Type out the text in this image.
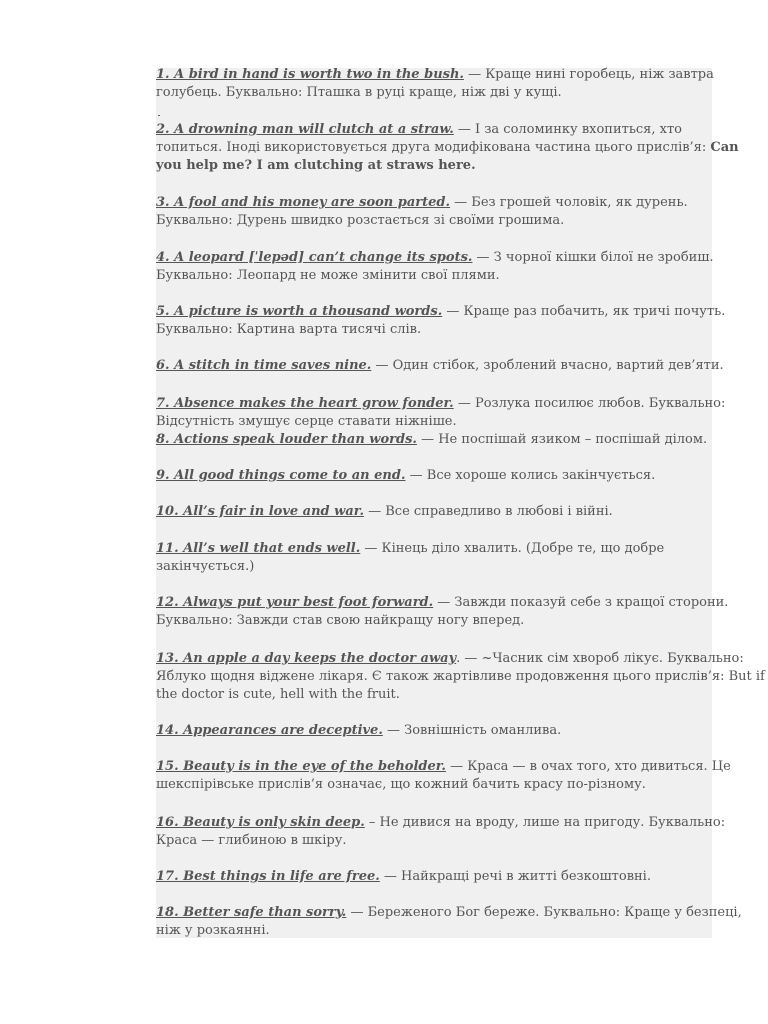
1. A bird in hand is worth two in the bush. — Краще нині горобець, ніж завтра
голубець. Буквально: Пташка в руці краще, ніж дві у кущі.
2. A drowning man will clutch at a straw. — І за соломинку вхопиться, хто
топиться. Іноді використовується друга модифікована частина цього прислів’я: Can
you help me? I am clutching at straws here.
3. A fool and his money are soon parted. — Без грошей чоловік, як дурень.
Буквально: Дурень швидко розстається зі своїми грошима.
4. A leopard [ˈlepəd] can’t change its spots. — З чорної кішки білої не зробиш.
Буквально: Леопард не може змінити свої плями.
5. A picture is worth a thousand words. — Краще раз побачить, як тричі почуть.
Буквально: Картина варта тисячі слів.
6. A stitch in time saves nine. — Один стібок, зроблений вчасно, вартий дев’яти.
7. Absence makes the heart grow fonder. — Розлука посилює любов. Буквально:
Відсутність змушує серце ставати ніжніше.
8. Actions speak louder than words. — Не поспішай язиком – поспішай ділом.
9. All good things come to an end. — Все хороше колись закінчується.
10. All’s fair in love and war. — Все справедливо в любові і війні.
11. All’s well that ends well. — Кінець діло хвалить. (Добре те, що добре
закінчується.)
12. Always put your best foot forward. — Завжди показуй себе з кращої сторони.
Буквально: Завжди став свою найкращу ногу вперед.
13. An apple a day keeps the doctor away. — ~Часник сім хвороб лікує. Буквально:
Яблуко щодня віджене лікаря. Є також жартівливе продовження цього прислів’я: But if
the doctor is cute, hell with the fruit.
14. Appearances are deceptive. — Зовнішність оманлива.
15. Beauty is in the eye of the beholder. — Краса — в очах того, хто дивиться. Це
шекспірівське прислів’я означає, що кожний бачить красу по-різному.
16. Beauty is only skin deep. – Не дивися на вроду, лише на пригоду. Буквально:
Краса — глибиною в шкіру.
17. Best things in life are free. — Найкращі речі в житті безкоштовні.
18. Better safe than sorry. — Береженого Бог береже. Буквально: Краще у безпеці,
ніж у розкаянні.
